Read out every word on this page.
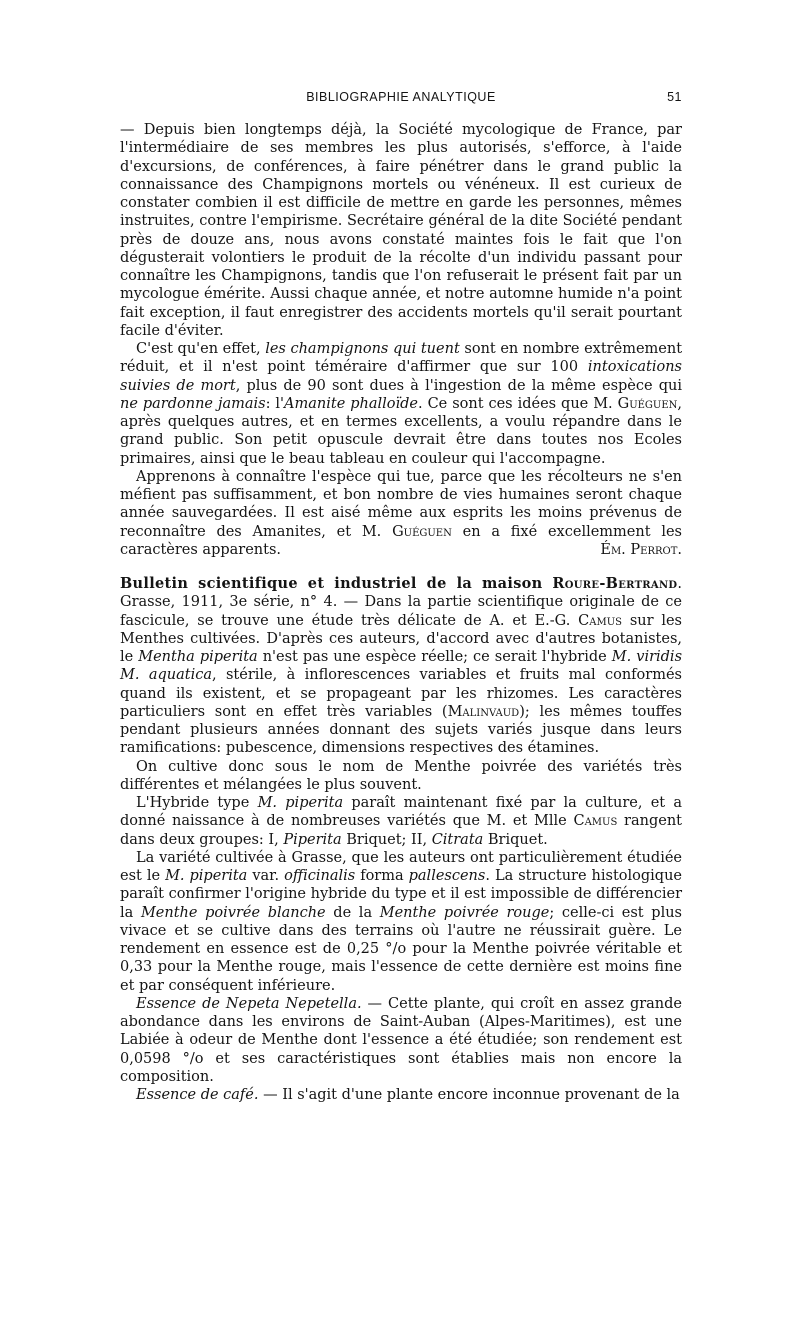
BIBLIOGRAPHIE ANALYTIQUE	51

— Depuis bien longtemps déjà, la Société mycologique de France, par l'intermédiaire de ses membres les plus autorisés, s'efforce, à l'aide d'excursions, de conférences, à faire pénétrer dans le grand public la connaissance des Champignons mortels ou vénéneux. Il est curieux de constater combien il est difficile de mettre en garde les personnes, mêmes instruites, contre l'empirisme. Secrétaire général de la dite Société pendant près de douze ans, nous avons constaté maintes fois le fait que l'on dégusterait volontiers le produit de la récolte d'un individu passant pour connaître les Champignons, tandis que l'on refuserait le présent fait par un mycologue émérite. Aussi chaque année, et notre automne humide n'a point fait exception, il faut enregistrer des accidents mortels qu'il serait pourtant facile d'éviter.

C'est qu'en effet, les champignons qui tuent sont en nombre extrêmement réduit, et il n'est point téméraire d'affirmer que sur 100 intoxications suivies de mort, plus de 90 sont dues à l'ingestion de la même espèce qui ne pardonne jamais: l'Amanite phalloïde. Ce sont ces idées que M. Guéguen, après quelques autres, et en termes excellents, a voulu répandre dans le grand public. Son petit opuscule devrait être dans toutes nos Ecoles primaires, ainsi que le beau tableau en couleur qui l'accompagne.

Apprenons à connaître l'espèce qui tue, parce que les récolteurs ne s'en méfient pas suffisamment, et bon nombre de vies humaines seront chaque année sauvegardées. Il est aisé même aux esprits les moins prévenus de reconnaître des Amanites, et M. Guéguen en a fixé excellemment les caractères apparents.	Ém. Perrot.

Bulletin scientifique et industriel de la maison Roure-Bertrand. Grasse, 1911, 3e série, n° 4. — Dans la partie scientifique originale de ce fascicule, se trouve une étude très délicate de A. et E.-G. Camus sur les Menthes cultivées. D'après ces auteurs, d'accord avec d'autres botanistes, le Mentha piperita n'est pas une espèce réelle; ce serait l'hybride M. viridis M. aquatica, stérile, à inflorescences variables et fruits mal conformés quand ils existent, et se propageant par les rhizomes. Les caractères particuliers sont en effet très variables (Malinvaud); les mêmes touffes pendant plusieurs années donnant des sujets variés jusque dans leurs ramifications: pubescence, dimensions respectives des étamines.

On cultive donc sous le nom de Menthe poivrée des variétés très différentes et mélangées le plus souvent.

L'Hybride type M. piperita paraît maintenant fixé par la culture, et a donné naissance à de nombreuses variétés que M. et Mlle Camus rangent dans deux groupes: I, Piperita Briquet; II, Citrata Briquet.

La variété cultivée à Grasse, que les auteurs ont particulièrement étudiée est le M. piperita var. officinalis forma pallescens. La structure histologique paraît confirmer l'origine hybride du type et il est impossible de différencier la Menthe poivrée blanche de la Menthe poivrée rouge; celle-ci est plus vivace et se cultive dans des terrains où l'autre ne réussirait guère. Le rendement en essence est de 0,25 °/o pour la Menthe poivrée véritable et 0,33 pour la Menthe rouge, mais l'essence de cette dernière est moins fine et par conséquent inférieure.

Essence de Nepeta Nepetella. — Cette plante, qui croît en assez grande abondance dans les environs de Saint-Auban (Alpes-Maritimes), est une Labiée à odeur de Menthe dont l'essence a été étudiée; son rendement est 0,0598 °/o et ses caractéristiques sont établies mais non encore la composition.

Essence de café. — Il s'agit d'une plante encore inconnue provenant de la
